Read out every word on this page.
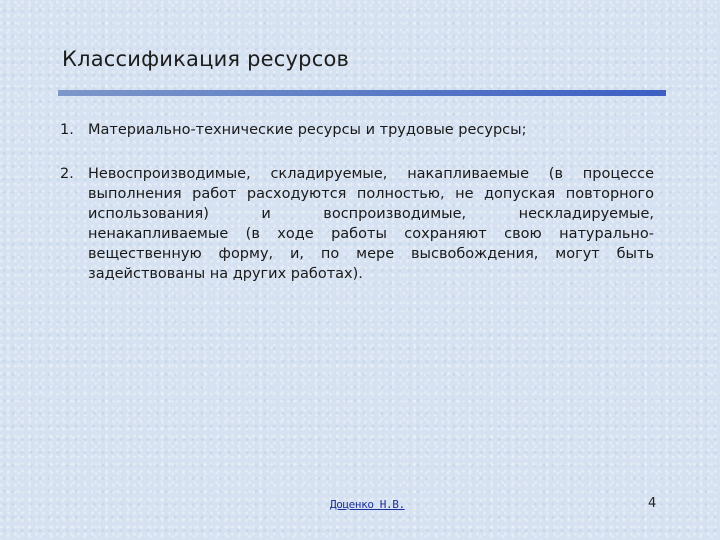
Классификация ресурсов
1. Материально-технические ресурсы и трудовые ресурсы;
2. Невоспроизводимые, складируемые, накапливаемые (в процессе выполнения работ расходуются полностью, не допуская повторного использования) и воспроизводимые, нескладируемые, ненакапливаемые (в ходе работы сохраняют свою натурально-вещественную форму, и, по мере высвобождения, могут быть задействованы на других работах).
Доценко Н.В.	4
